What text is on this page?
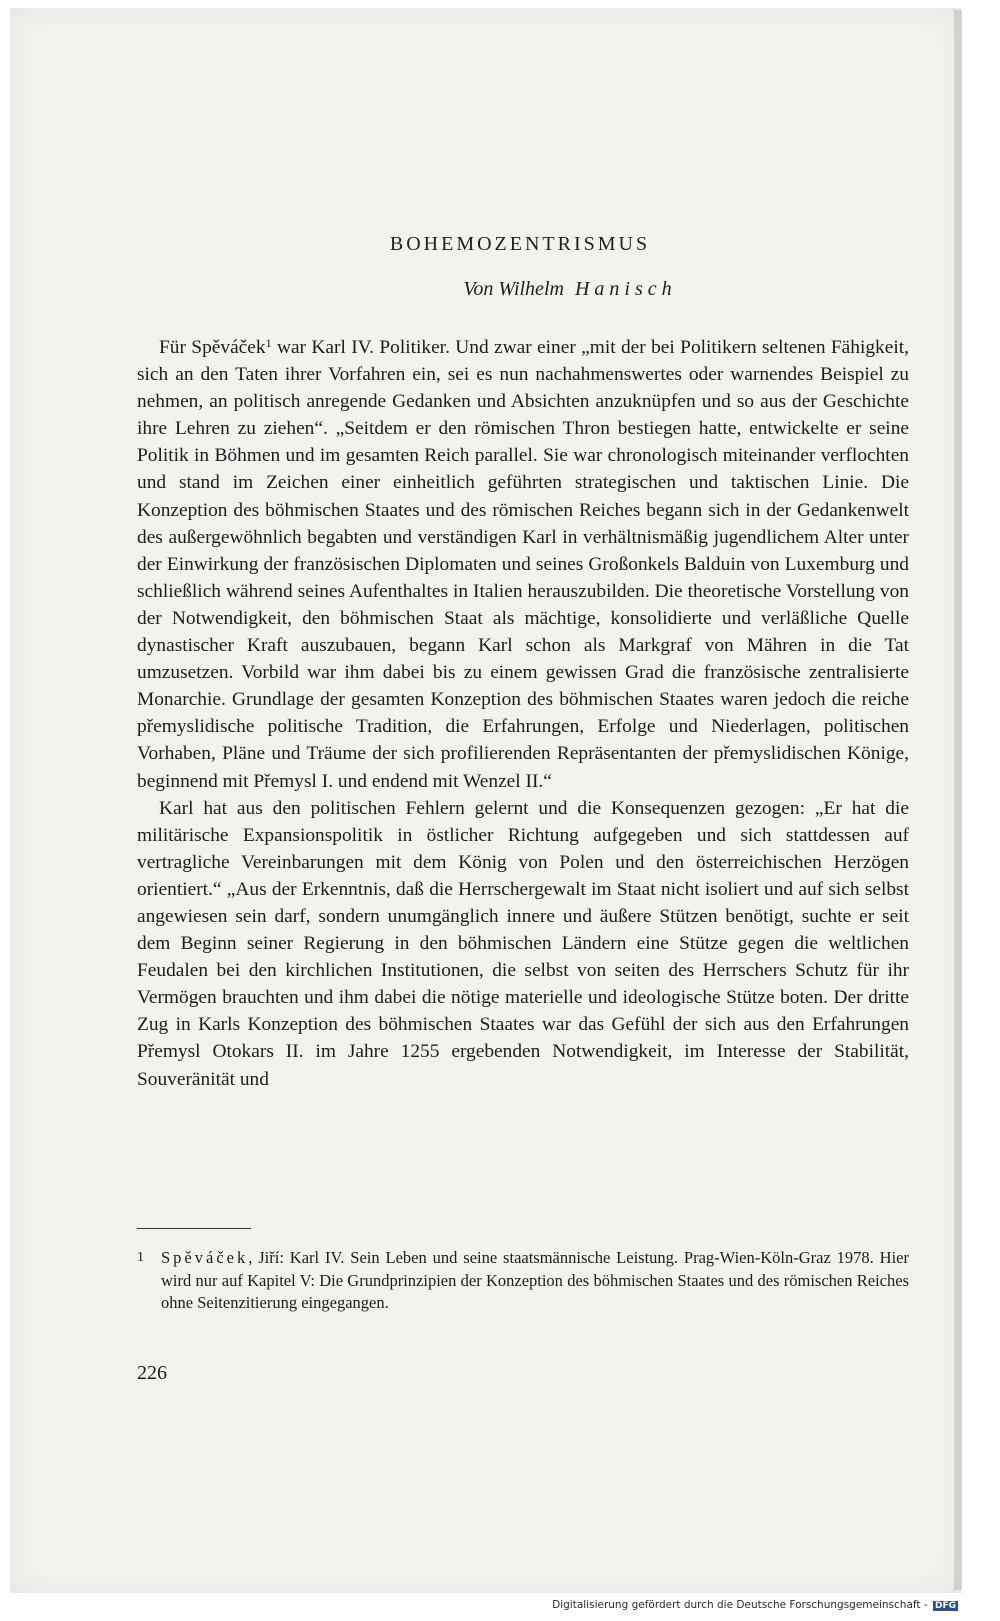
BOHEMOZENTRISMUS
Von Wilhelm Hanisch

Für Spěváček$^1$ war Karl IV. Politiker. Und zwar einer „mit der bei Politikern seltenen Fähigkeit, sich an den Taten ihrer Vorfahren ein, sei es nun nachahmenswertes oder warnendes Beispiel zu nehmen, an politisch anregende Gedanken und Absichten anzuknüpfen und so aus der Geschichte ihre Lehren zu ziehen“. „Seitdem er den römischen Thron bestiegen hatte, entwickelte er seine Politik in Böhmen und im gesamten Reich parallel. Sie war chronologisch miteinander verflochten und stand im Zeichen einer einheitlich geführten strategischen und taktischen Linie. Die Konzeption des böhmischen Staates und des römischen Reiches begann sich in der Gedankenwelt des außergewöhnlich begabten und verständigen Karl in verhältnismäßig jugendlichem Alter unter der Einwirkung der französischen Diplomaten und seines Großonkels Balduin von Luxemburg und schließlich während seines Aufenthaltes in Italien herauszubilden. Die theoretische Vorstellung von der Notwendigkeit, den böhmischen Staat als mächtige, konsolidierte und verläßliche Quelle dynastischer Kraft auszubauen, begann Karl schon als Markgraf von Mähren in die Tat umzusetzen. Vorbild war ihm dabei bis zu einem gewissen Grad die französische zentralisierte Monarchie. Grundlage der gesamten Konzeption des böhmischen Staates waren jedoch die reiche přemyslidische politische Tradition, die Erfahrungen, Erfolge und Niederlagen, politischen Vorhaben, Pläne und Träume der sich profilierenden Repräsentanten der přemyslidischen Könige, beginnend mit Přemysl I. und endend mit Wenzel II.“

Karl hat aus den politischen Fehlern gelernt und die Konsequenzen gezogen: „Er hat die militärische Expansionspolitik in östlicher Richtung aufgegeben und sich stattdessen auf vertragliche Vereinbarungen mit dem König von Polen und den österreichischen Herzögen orientiert.“ „Aus der Erkenntnis, daß die Herrschergewalt im Staat nicht isoliert und auf sich selbst angewiesen sein darf, sondern unumgänglich innere und äußere Stützen benötigt, suchte er seit dem Beginn seiner Regierung in den böhmischen Ländern eine Stütze gegen die weltlichen Feudalen bei den kirchlichen Institutionen, die selbst von seiten des Herrschers Schutz für ihr Vermögen brauchten und ihm dabei die nötige materielle und ideologische Stütze boten. Der dritte Zug in Karls Konzeption des böhmischen Staates war das Gefühl der sich aus den Erfahrungen Přemysl Otokars II. im Jahre 1255 ergebenden Notwendigkeit, im Interesse der Stabilität, Souveränität und

1 Spěváček, Jiří: Karl IV. Sein Leben und seine staatsmännische Leistung. Prag-Wien-Köln-Graz 1978. Hier wird nur auf Kapitel V: Die Grundprinzipien der Konzeption des böhmischen Staates und des römischen Reiches ohne Seitenzitierung eingegangen.
226
Digitalisierung gefördert durch die Deutsche Forschungsgemeinschaft - DFG
